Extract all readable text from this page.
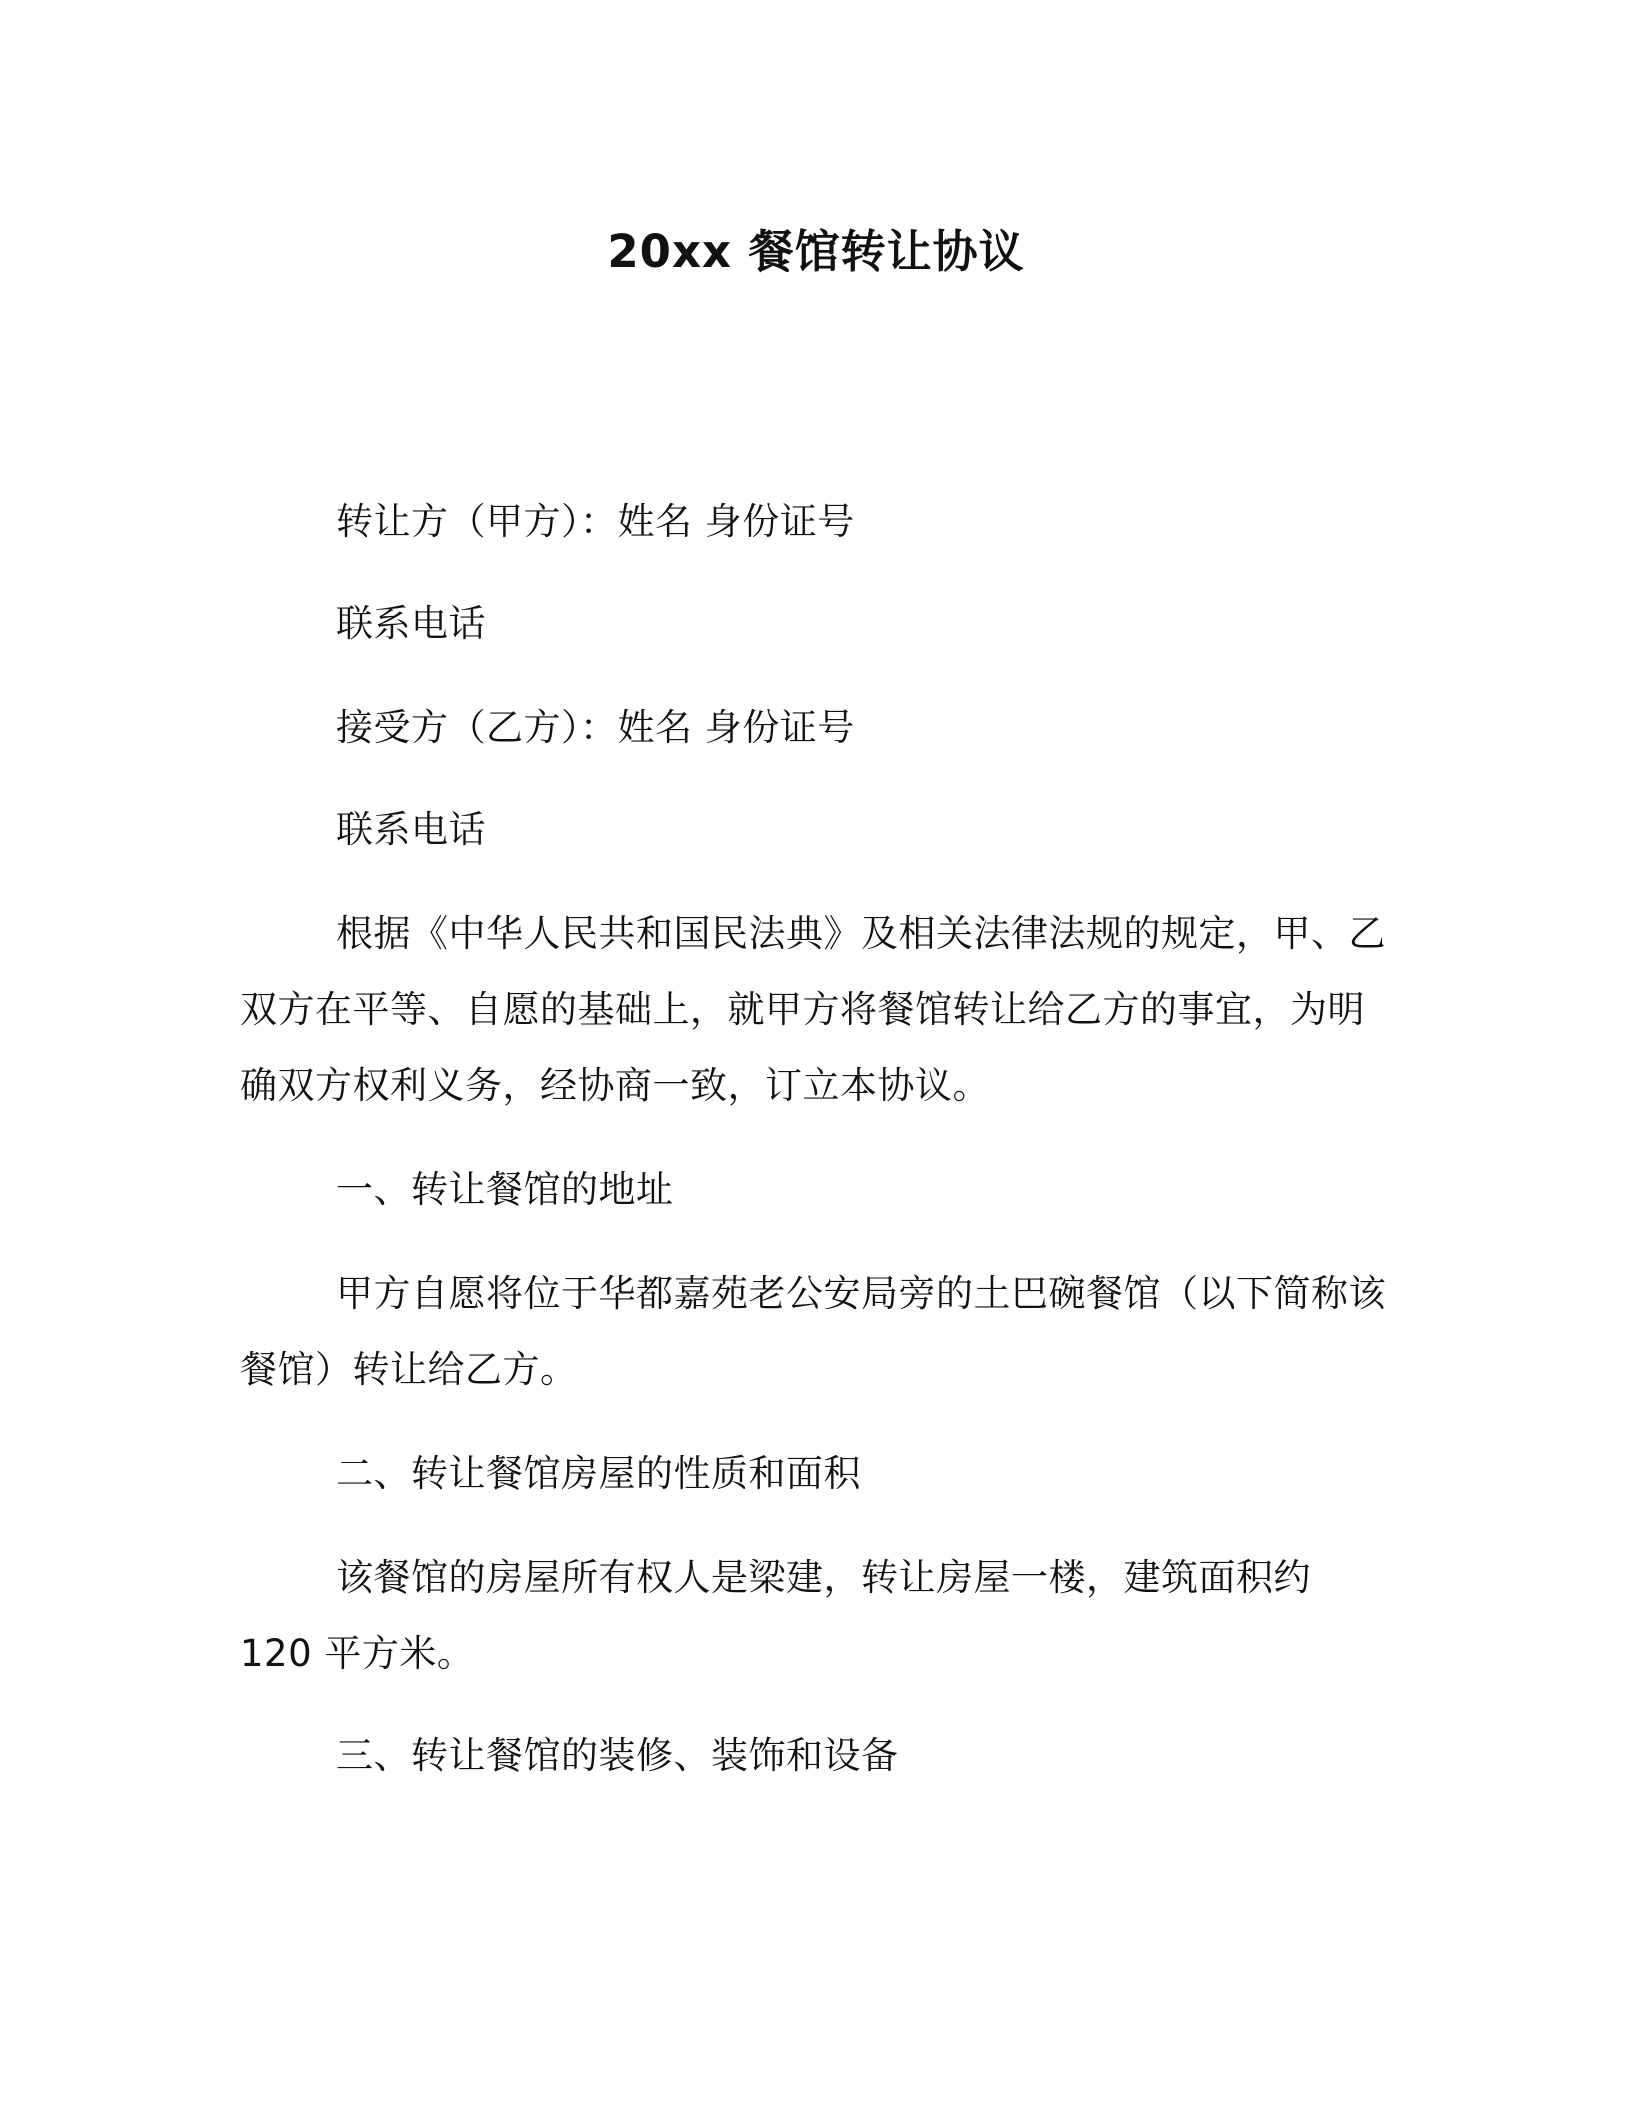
20xx 餐馆转让协议
转让方（甲方）：姓名 身份证号
联系电话
接受方（乙方）：姓名 身份证号
联系电话
根据《中华人民共和国民法典》及相关法律法规的规定，甲、乙双方在平等、自愿的基础上，就甲方将餐馆转让给乙方的事宜，为明确双方权利义务，经协商一致，订立本协议。
一、转让餐馆的地址
甲方自愿将位于华都嘉苑老公安局旁的土巴碗餐馆（以下简称该餐馆）转让给乙方。
二、转让餐馆房屋的性质和面积
该餐馆的房屋所有权人是梁建，转让房屋一楼，建筑面积约 120 平方米。
三、转让餐馆的装修、装饰和设备
